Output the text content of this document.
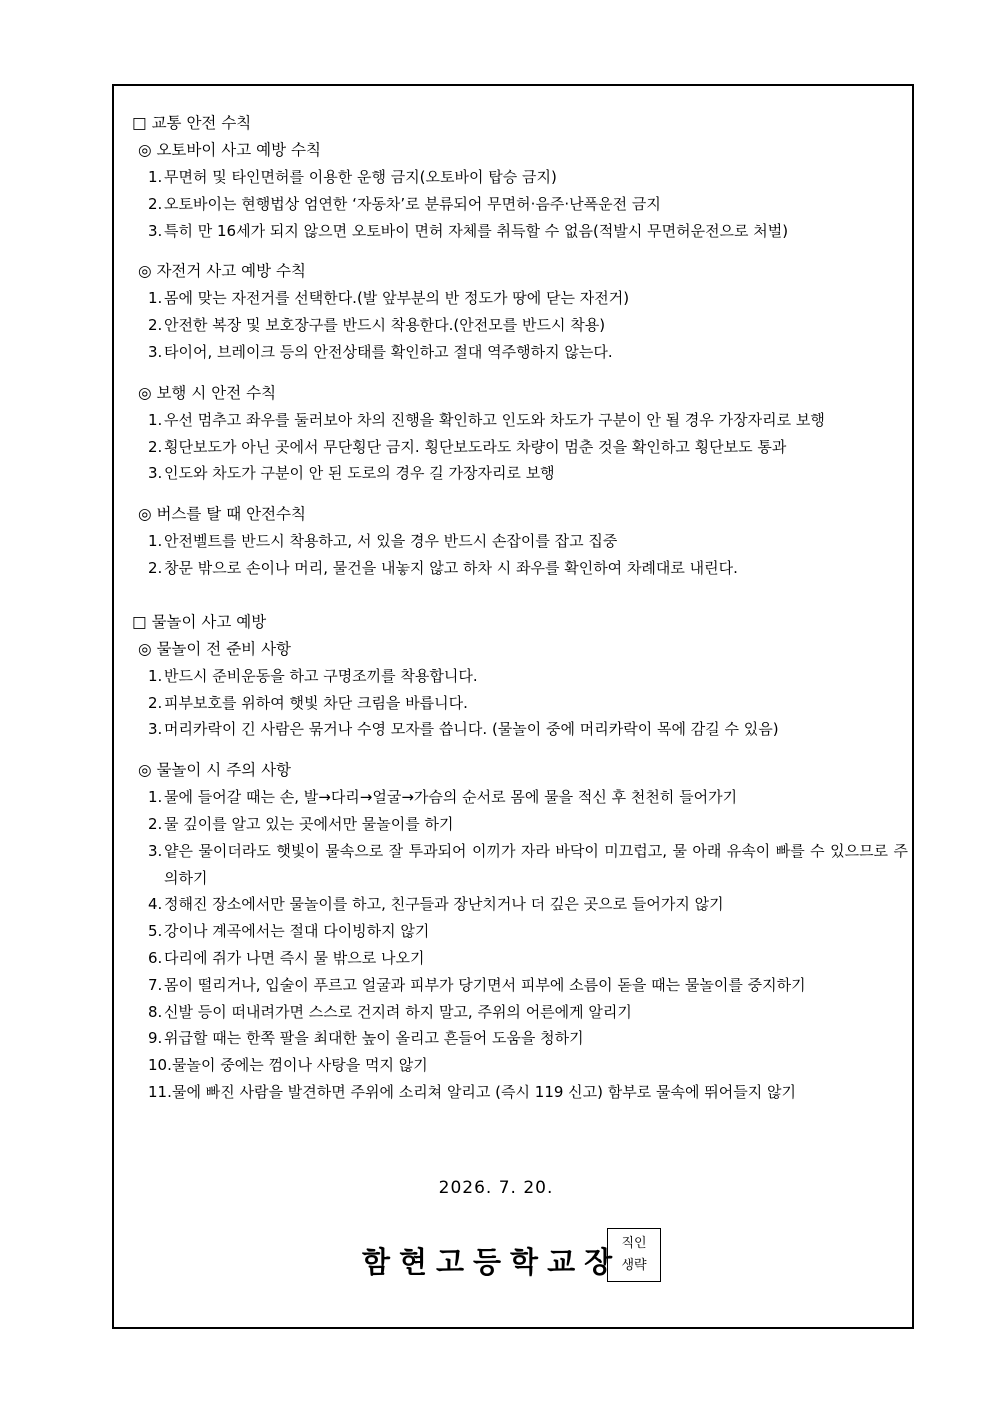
□ 교통 안전 수칙
◎ 오토바이 사고 예방 수칙
1. 무면허 및 타인면허를 이용한 운행 금지(오토바이 탑승 금지)
2. 오토바이는 현행법상 엄연한 ‘자동차’로 분류되어 무면허·음주·난폭운전 금지
3. 특히 만 16세가 되지 않으면 오토바이 면허 자체를 취득할 수 없음(적발시 무면허운전으로 처벌)
◎ 자전거 사고 예방 수칙
1. 몸에 맞는 자전거를 선택한다.(발 앞부분의 반 정도가 땅에 닫는 자전거)
2. 안전한 복장 및 보호장구를 반드시 착용한다.(안전모를 반드시 착용)
3. 타이어, 브레이크 등의 안전상태를 확인하고 절대 역주행하지 않는다.
◎ 보행 시 안전 수칙
1. 우선 멈추고 좌우를 둘러보아 차의 진행을 확인하고 인도와 차도가 구분이 안 될 경우 가장자리로 보행
2. 횡단보도가 아닌 곳에서 무단횡단 금지. 횡단보도라도 차량이 멈춘 것을 확인하고 횡단보도 통과
3. 인도와 차도가 구분이 안 된 도로의 경우 길 가장자리로 보행
◎ 버스를 탈 때 안전수칙
1. 안전벨트를 반드시 착용하고, 서 있을 경우 반드시 손잡이를 잡고 집중
2. 창문 밖으로 손이나 머리, 물건을 내놓지 않고 하차 시 좌우를 확인하여 차례대로 내린다.
□ 물놀이 사고 예방
◎ 물놀이 전 준비 사항
1. 반드시 준비운동을 하고 구명조끼를 착용합니다.
2. 피부보호를 위하여 햇빛 차단 크림을 바릅니다.
3. 머리카락이 긴 사람은 묶거나 수영 모자를 씁니다. (물놀이 중에 머리카락이 목에 감길 수 있음)
◎ 물놀이 시 주의 사항
1. 물에 들어갈 때는 손, 발→다리→얼굴→가슴의 순서로 몸에 물을 적신 후 천천히 들어가기
2. 물 깊이를 알고 있는 곳에서만 물놀이를 하기
3. 얕은 물이더라도 햇빛이 물속으로 잘 투과되어 이끼가 자라 바닥이 미끄럽고, 물 아래 유속이 빠를 수 있으므로 주의하기
4. 정해진 장소에서만 물놀이를 하고, 친구들과 장난치거나 더 깊은 곳으로 들어가지 않기
5. 강이나 계곡에서는 절대 다이빙하지 않기
6. 다리에 쥐가 나면 즉시 물 밖으로 나오기
7. 몸이 떨리거나, 입술이 푸르고 얼굴과 피부가 당기면서 피부에 소름이 돋을 때는 물놀이를 중지하기
8. 신발 등이 떠내려가면 스스로 건지려 하지 말고, 주위의 어른에게 알리기
9. 위급할 때는 한쪽 팔을 최대한 높이 올리고 흔들어 도움을 청하기
10. 물놀이 중에는 껌이나 사탕을 먹지 않기
11. 물에 빠진 사람을 발견하면 주위에 소리쳐 알리고 (즉시 119 신고) 함부로 물속에 뛰어들지 않기
2026. 7. 20.
함현고등학교장
직인
생략
